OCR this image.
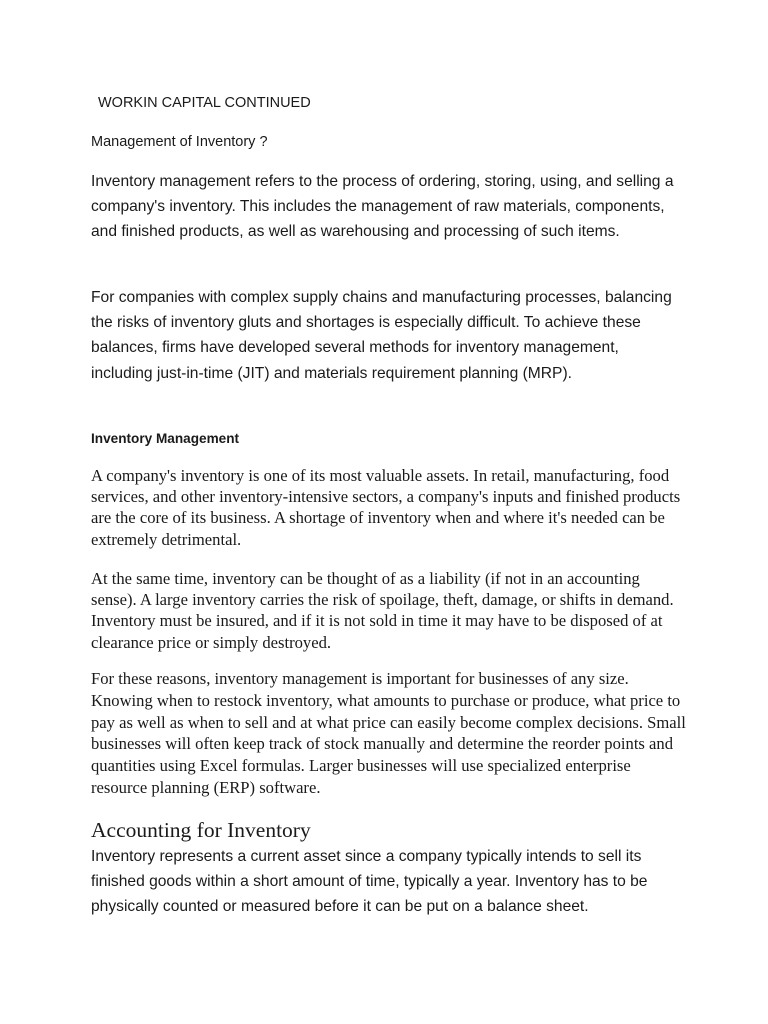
WORKIN CAPITAL CONTINUED
Management of Inventory ?

Inventory management refers to the process of ordering, storing, using, and selling a company's inventory. This includes the management of raw materials, components, and finished products, as well as warehousing and processing of such items.

For companies with complex supply chains and manufacturing processes, balancing the risks of inventory gluts and shortages is especially difficult. To achieve these balances, firms have developed several methods for inventory management, including just-in-time (JIT) and materials requirement planning (MRP).

Inventory Management

A company's inventory is one of its most valuable assets. In retail, manufacturing, food services, and other inventory-intensive sectors, a company's inputs and finished products are the core of its business. A shortage of inventory when and where it's needed can be extremely detrimental.

At the same time, inventory can be thought of as a liability (if not in an accounting sense). A large inventory carries the risk of spoilage, theft, damage, or shifts in demand. Inventory must be insured, and if it is not sold in time it may have to be disposed of at clearance price or simply destroyed.

For these reasons, inventory management is important for businesses of any size. Knowing when to restock inventory, what amounts to purchase or produce, what price to pay as well as when to sell and at what price can easily become complex decisions. Small businesses will often keep track of stock manually and determine the reorder points and quantities using Excel formulas. Larger businesses will use specialized enterprise resource planning (ERP) software.

Accounting for Inventory

Inventory represents a current asset since a company typically intends to sell its finished goods within a short amount of time, typically a year. Inventory has to be physically counted or measured before it can be put on a balance sheet.
